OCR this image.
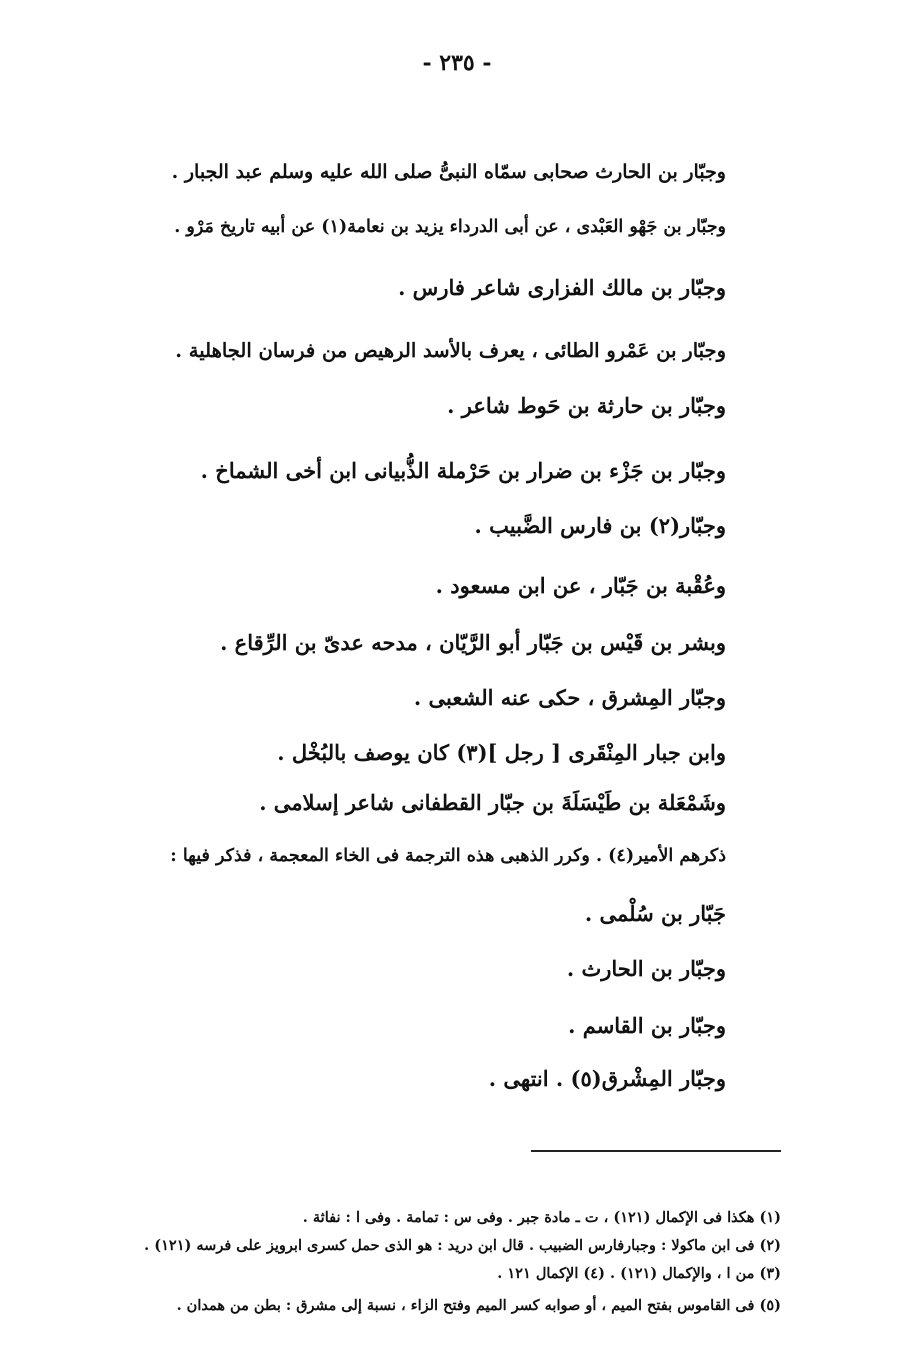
- ٢٣٥ -
وجبّار بن الحارث صحابى سمّاه النبىُّ صلى الله عليه وسلم عبد الجبار .
وجبّار بن جَهْو العَبْدى ، عن أبى الدرداء يزيد بن نعامة(١) عن أبيه تاريخ مَرْو .
وجبّار بن مالك الفزارى شاعر فارس .
وجبّار بن عَمْرو الطائى ، يعرف بالأسد الرهيص من فرسان الجاهلية .
وجبّار بن حارثة بن حَوط شاعر .
وجبّار بن جَزْء بن ضرار بن حَرْملة الذُّبيانى ابن أخى الشماخ .
وجبّار(٢) بن فارس الضَّبيب .
وعُقْبة بن جَبّار ، عن ابن مسعود .
وبشر بن قَيْس بن جَبّار أبو الرَّيّان ، مدحه عدىّ بن الرِّقاع .
وجبّار المِشرق ، حكى عنه الشعبى .
وابن جبار المِنْقَرى [ رجل ](٣) كان يوصف بالبُخْل .
وشَمْعَلة بن طَيْسَلَةَ بن جبّار القطفانى شاعر إسلامى .
ذكرهم الأمير(٤) . وكرر الذهبى هذه الترجمة فى الخاء المعجمة ، فذكر فيها :
جَبّار بن سُلْمى .
وجبّار بن الحارث .
وجبّار بن القاسم .
وجبّار المِشْرق(٥) . انتهى .
(١) هكذا فى الإكمال (١٢١) ، ت ـ مادة جبر . وفى س : تمامة . وفى ا : نفاثة .
(٢) فى ابن ماكولا : وجبارفارس الضبيب . قال ابن دريد : هو الذى حمل كسرى ابرويز على فرسه (١٢١) .
(٣) من ا ، والإكمال (١٢١) . (٤) الإكمال ١٢١ .
(٥) فى القاموس بفتح الميم ، أو صوابه كسر الميم وفتح الزاء ، نسبة إلى مشرق : بطن من همدان .
